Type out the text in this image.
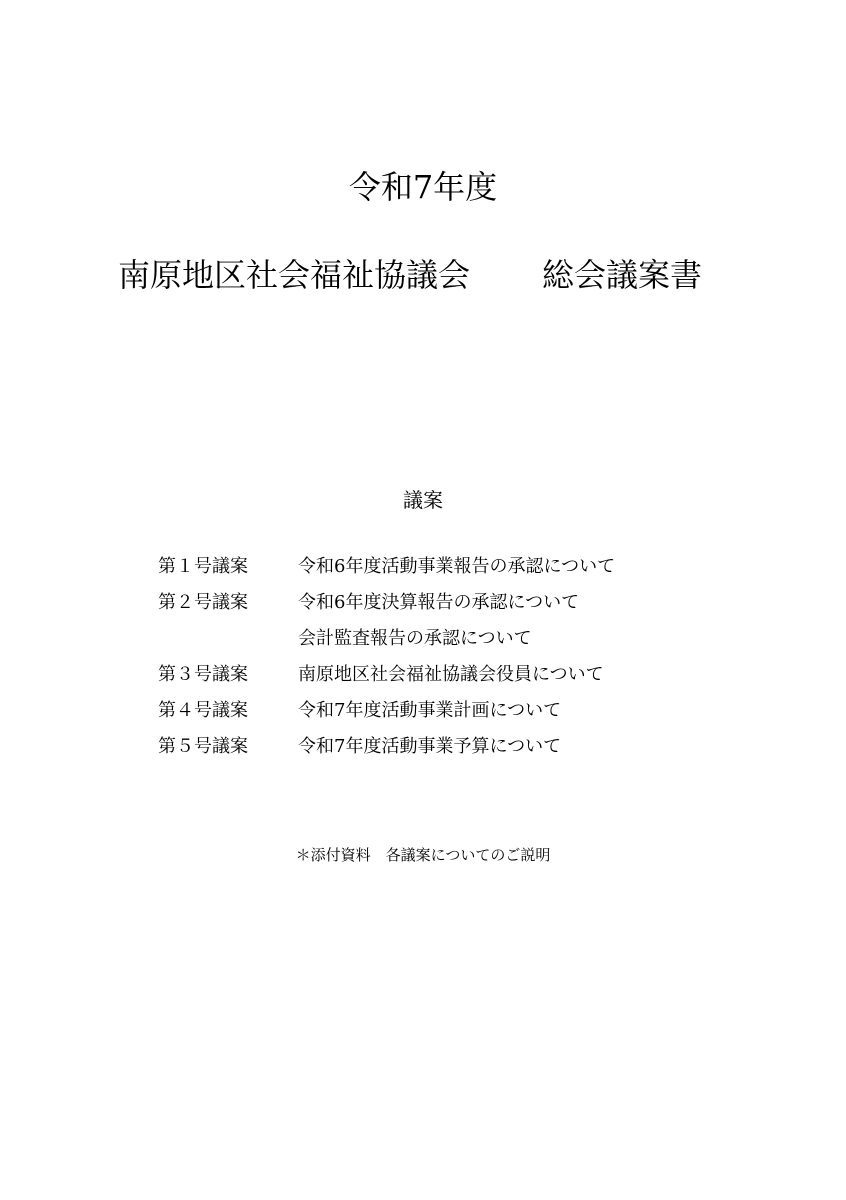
令和7年度
南原地区社会福祉協議会 総会議案書
議案
第１号議案	令和6年度活動事業報告の承認について
第２号議案	令和6年度決算報告の承認について
会計監査報告の承認について
第３号議案	南原地区社会福祉協議会役員について
第４号議案	令和7年度活動事業計画について
第５号議案	令和7年度活動事業予算について
＊添付資料　各議案についてのご説明
